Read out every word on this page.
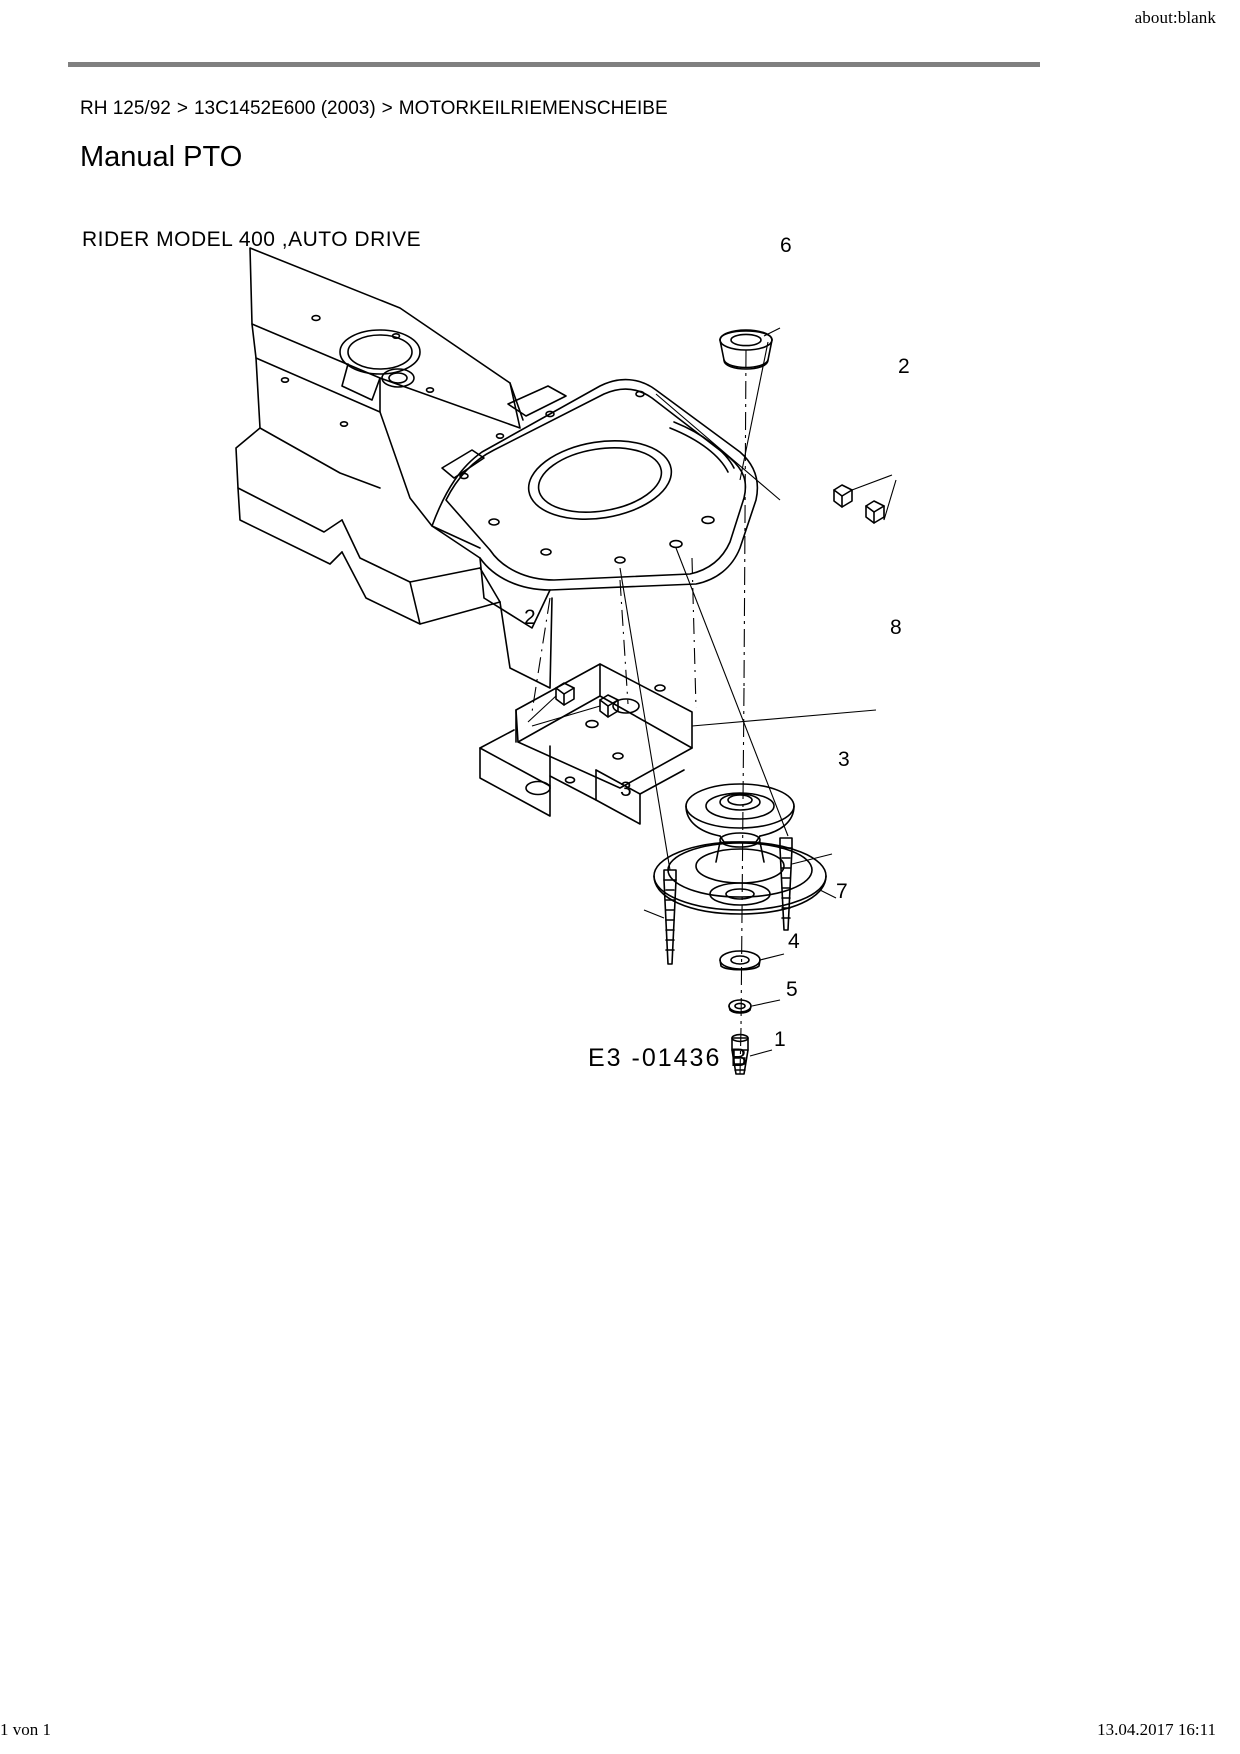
about:blank
RH 125/92 > 13C1452E600 (2003) > MOTORKEILRIEMENSCHEIBE
Manual PTO
RIDER MODEL 400 ,AUTO DRIVE
E3 -01436 B
6
2
2	8
3
3
7
4
5
1
1 von 1	13.04.2017 16:11
